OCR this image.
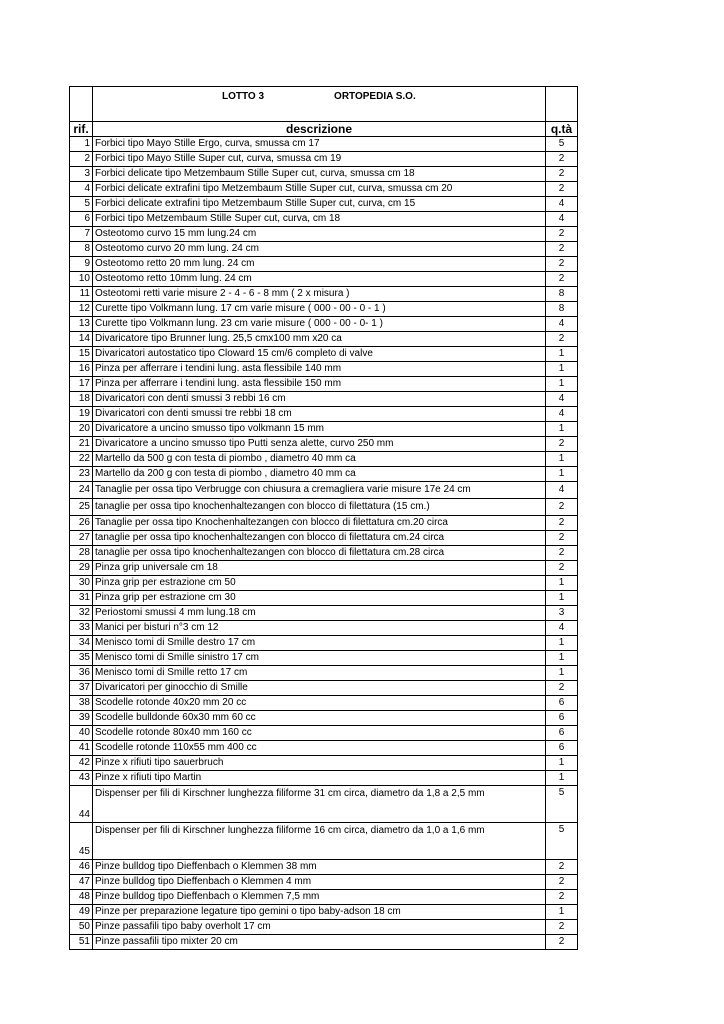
	LOTTO 3 ORTOPEDIA S.O.	
rif.	descrizione	q.tà
1	Forbici tipo Mayo Stille Ergo, curva, smussa cm 17	5
2	Forbici tipo Mayo Stille Super cut, curva, smussa cm 19	2
3	Forbici delicate tipo Metzembaum Stille Super cut, curva, smussa cm 18	2
4	Forbici delicate extrafini tipo Metzembaum Stille Super cut, curva, smussa cm 20	2
5	Forbici delicate extrafini tipo Metzembaum Stille Super cut, curva, cm 15	4
6	Forbici tipo Metzembaum Stille Super cut, curva, cm 18	4
7	Osteotomo curvo 15 mm lung.24 cm	2
8	Osteotomo curvo 20 mm lung. 24 cm	2
9	Osteotomo retto 20 mm lung. 24 cm	2
10	Osteotomo retto 10mm lung. 24 cm	2
11	Osteotomi retti varie misure 2 - 4 - 6 - 8 mm ( 2 x misura )	8
12	Curette tipo Volkmann lung. 17 cm varie misure ( 000 - 00 - 0 - 1 )	8
13	Curette tipo Volkmann lung. 23 cm varie misure ( 000 - 00 - 0- 1 )	4
14	Divaricatore tipo Brunner lung. 25,5 cmx100 mm x20 ca	2
15	Divaricatori autostatico tipo Cloward 15 cm/6 completo di valve	1
16	Pinza per afferrare i tendini lung. asta flessibile 140 mm	1
17	Pinza per afferrare i tendini lung. asta flessibile 150 mm	1
18	Divaricatori con denti smussi 3 rebbi 16 cm	4
19	Divaricatori con denti smussi tre rebbi 18 cm	4
20	Divaricatore a uncino smusso tipo volkmann 15 mm	1
21	Divaricatore a uncino smusso tipo Putti senza alette, curvo 250 mm	2
22	Martello da 500 g con testa di piombo , diametro 40 mm ca	1
23	Martello da 200 g con testa di piombo , diametro 40 mm ca	1
24	Tanaglie per ossa tipo Verbrugge con chiusura a cremagliera varie misure 17e 24 cm	4
25	tanaglie per ossa tipo knochenhaltezangen con blocco di filettatura (15 cm.)	2
26	Tanaglie per ossa tipo Knochenhaltezangen con blocco di filettatura cm.20 circa	2
27	tanaglie per ossa tipo knochenhaltezangen con blocco di filettatura cm.24 circa	2
28	tanaglie per ossa tipo knochenhaltezangen con blocco di filettatura cm.28 circa	2
29	Pinza grip universale cm 18	2
30	Pinza grip per estrazione cm 50	1
31	Pinza grip per estrazione cm 30	1
32	Periostomi smussi 4 mm lung.18 cm	3
33	Manici per bisturi n°3 cm 12	4
34	Menisco tomi di Smille destro 17 cm	1
35	Menisco tomi di Smille sinistro 17 cm	1
36	Menisco tomi di Smille retto 17 cm	1
37	Divaricatori per ginocchio di Smille	2
38	Scodelle rotonde 40x20 mm 20 cc	6
39	Scodelle bulldonde 60x30 mm 60 cc	6
40	Scodelle rotonde 80x40 mm 160 cc	6
41	Scodelle rotonde 110x55 mm 400 cc	6
42	Pinze x rifiuti tipo sauerbruch	1
43	Pinze x rifiuti tipo Martin	1
44	Dispenser per fili di Kirschner lunghezza filiforme 31 cm circa, diametro da 1,8 a 2,5 mm	5
45	Dispenser per fili di Kirschner lunghezza filiforme 16 cm circa, diametro da 1,0 a 1,6 mm	5
46	Pinze bulldog tipo Dieffenbach o Klemmen 38 mm	2
47	Pinze bulldog tipo Dieffenbach o Klemmen 4 mm	2
48	Pinze bulldog tipo Dieffenbach o Klemmen 7,5 mm	2
49	Pinze per preparazione legature tipo gemini o tipo baby-adson 18 cm	1
50	Pinze passafili tipo baby overholt 17 cm	2
51	Pinze passafili tipo mixter 20 cm	2
